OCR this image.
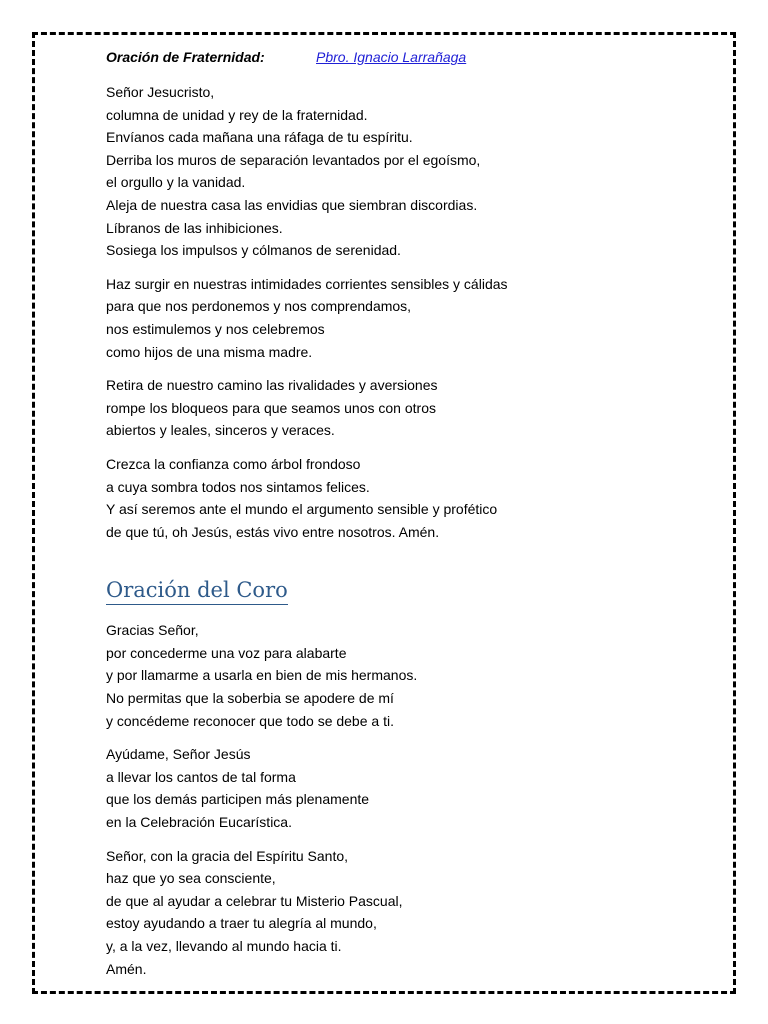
Oración de Fraternidad:	Pbro. Ignacio Larrañaga
Señor Jesucristo,
columna de unidad y rey de la fraternidad.
Envíanos cada mañana una ráfaga de tu espíritu.
Derriba los muros de separación levantados por el egoísmo,
el orgullo y la vanidad.
Aleja de nuestra casa las envidias que siembran discordias.
Líbranos de las inhibiciones.
Sosiega los impulsos y cólmanos de serenidad.
Haz surgir en nuestras intimidades corrientes sensibles y cálidas
para que nos perdonemos y nos comprendamos,
nos estimulemos y nos celebremos
como hijos de una misma madre.
Retira de nuestro camino las rivalidades y aversiones
rompe los bloqueos para que seamos unos con otros
abiertos y leales, sinceros y veraces.
Crezca la confianza como árbol frondoso
a cuya sombra todos nos sintamos felices.
Y así seremos ante el mundo el argumento sensible y profético
de que tú, oh Jesús, estás vivo entre nosotros. Amén.
Oración del Coro
Gracias Señor,
por concederme una voz para alabarte
y por llamarme a usarla en bien de mis hermanos.
No permitas que la soberbia se apodere de mí
y concédeme reconocer que todo se debe a ti.
Ayúdame, Señor Jesús
a llevar los cantos de tal forma
que los demás participen más plenamente
en la Celebración Eucarística.
Señor, con la gracia del Espíritu Santo,
haz que yo sea consciente,
de que al ayudar a celebrar tu Misterio Pascual,
estoy ayudando a traer tu alegría al mundo,
y, a la vez, llevando al mundo hacia ti.
Amén.
